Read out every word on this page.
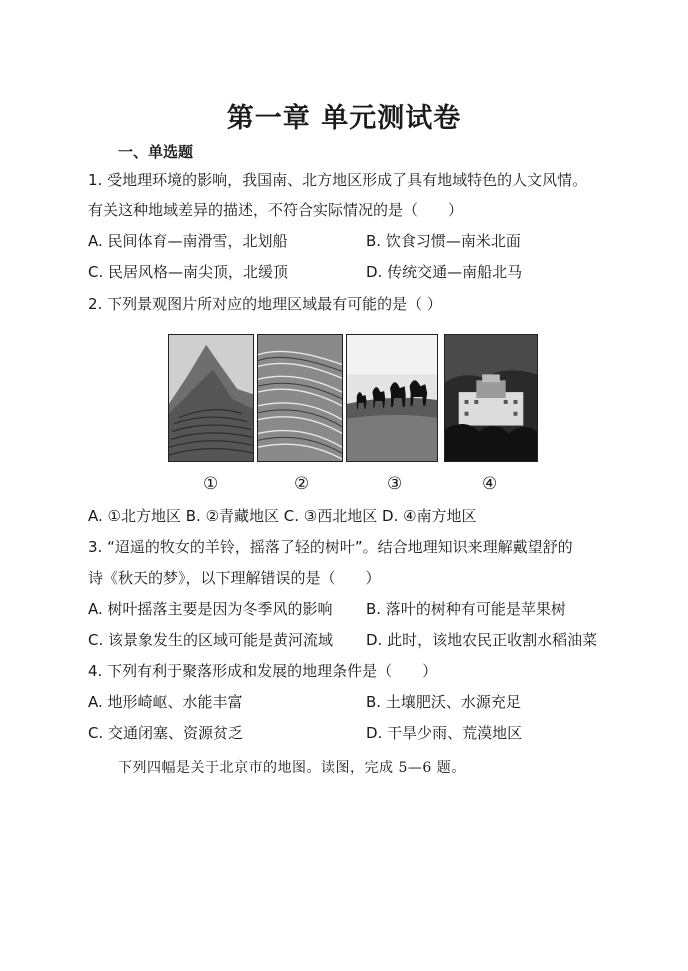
第一章 单元测试卷
一、单选题
1. 受地理环境的影响，我国南、北方地区形成了具有地域特色的人文风情。
有关这种地域差异的描述，不符合实际情况的是（　　）
A. 民间体育—南滑雪，北划船	B. 饮食习惯—南米北面
C. 民居风格—南尖顶，北缓顶	D. 传统交通—南船北马
2. 下列景观图片所对应的地理区域最有可能的是（ ）
①	②	③	④
A. ①北方地区 B. ②青藏地区 C. ③西北地区 D. ④南方地区
3. “迢遥的牧女的羊铃，摇落了轻的树叶”。结合地理知识来理解戴望舒的
诗《秋天的梦》，以下理解错误的是（　　）
A. 树叶摇落主要是因为冬季风的影响 B. 落叶的树种有可能是苹果树
C. 该景象发生的区域可能是黄河流域 D. 此时，该地农民正收割水稻油菜
4. 下列有利于聚落形成和发展的地理条件是（　　）
A. 地形崎岖、水能丰富	B. 土壤肥沃、水源充足
C. 交通闭塞、资源贫乏	D. 干旱少雨、荒漠地区
下列四幅是关于北京市的地图。读图，完成 5—6 题。
